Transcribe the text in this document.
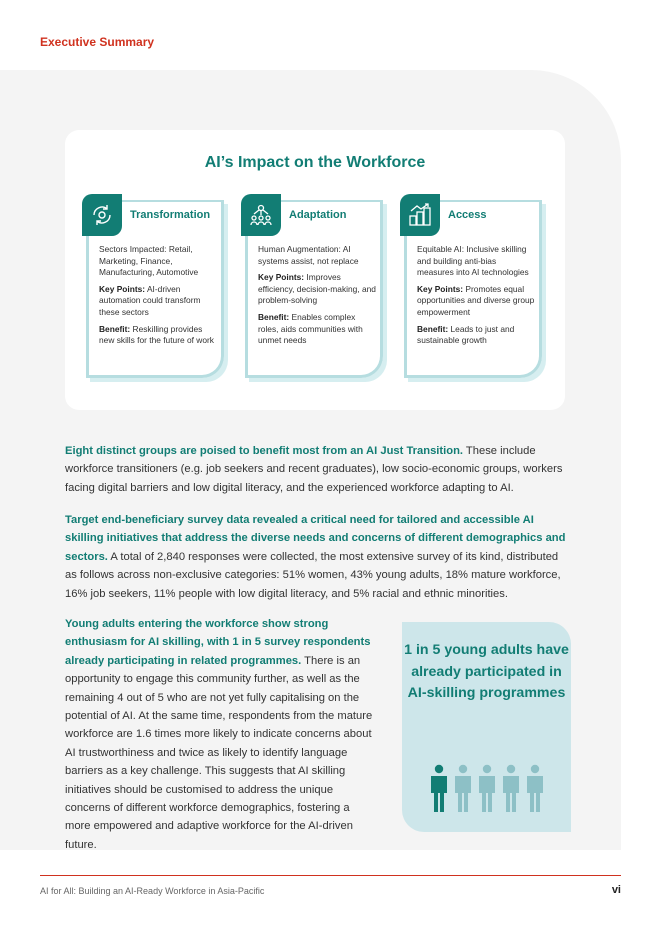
Executive Summary
AI’s Impact on the Workforce
Transformation

Sectors Impacted: Retail, Marketing, Finance, Manufacturing, Automotive

Key Points: AI-driven automation could transform these sectors

Benefit: Reskilling provides new skills for the future of work

Adaptation

Human Augmentation: AI systems assist, not replace

Key Points: Improves efficiency, decision-making, and problem-solving

Benefit: Enables complex roles, aids communities with unmet needs

Access

Equitable AI: Inclusive skilling and building anti-bias measures into AI technologies

Key Points: Promotes equal opportunities and diverse group empowerment

Benefit: Leads to just and sustainable growth

Eight distinct groups are poised to benefit most from an AI Just Transition. These include workforce transitioners (e.g. job seekers and recent graduates), low socio-economic groups, workers facing digital barriers and low digital literacy, and the experienced workforce adapting to AI.
Target end-beneficiary survey data revealed a critical need for tailored and accessible AI skilling initiatives that address the diverse needs and concerns of different demographics and sectors. A total of 2,840 responses were collected, the most extensive survey of its kind, distributed as follows across non-exclusive categories: 51% women, 43% young adults, 18% mature workforce, 16% job seekers, 11% people with low digital literacy, and 5% racial and ethnic minorities.
Young adults entering the workforce show strong enthusiasm for AI skilling, with 1 in 5 survey respondents already participating in related programmes. There is an opportunity to engage this community further, as well as the remaining 4 out of 5 who are not yet fully capitalising on the potential of AI. At the same time, respondents from the mature workforce are 1.6 times more likely to indicate concerns about AI trustworthiness and twice as likely to identify language barriers as a key challenge. This suggests that AI skilling initiatives should be customised to address the unique concerns of different workforce demographics, fostering a more empowered and adaptive workforce for the AI-driven future.
1 in 5 young adults have already participated in AI-skilling programmes
AI for All: Building an AI-Ready Workforce in Asia-Pacific	vi
